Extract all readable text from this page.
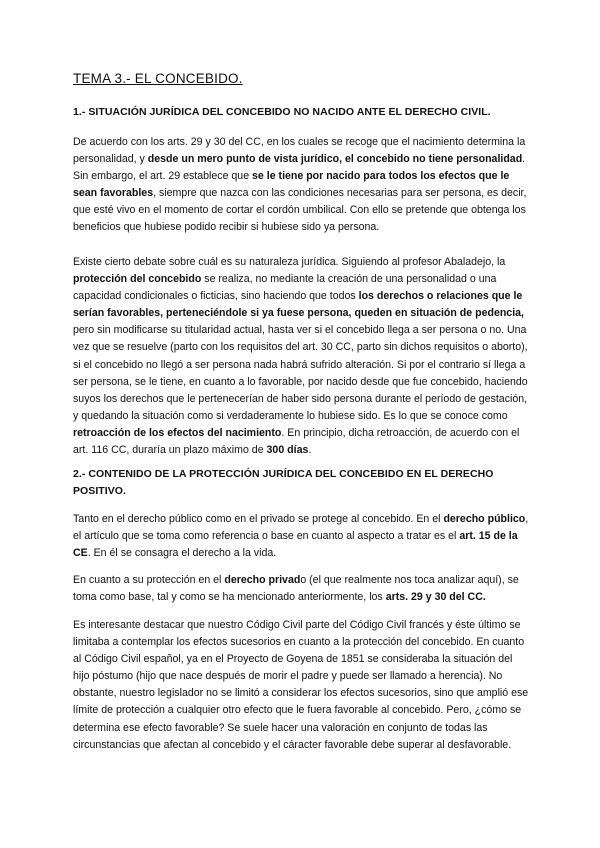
TEMA 3.- EL CONCEBIDO.
1.- SITUACIÓN JURÍDICA DEL CONCEBIDO NO NACIDO ANTE EL DERECHO CIVIL.
De acuerdo con los arts. 29 y 30 del CC, en los cuales se recoge que el nacimiento determina la personalidad, y desde un mero punto de vista jurídico, el concebido no tiene personalidad. Sin embargo, el art. 29 establece que se le tiene por nacido para todos los efectos que le sean favorables, siempre que nazca con las condiciones necesarias para ser persona, es decir, que esté vivo en el momento de cortar el cordón umbilical. Con ello se pretende que obtenga los beneficios que hubiese podido recibir si hubiese sido ya persona.
Existe cierto debate sobre cuál es su naturaleza jurídica. Siguiendo al profesor Abaladejo, la protección del concebido se realiza, no mediante la creación de una personalidad o una capacidad condicionales o ficticias, sino haciendo que todos los derechos o relaciones que le serían favorables, perteneciéndole si ya fuese persona, queden en situación de pedencia, pero sin modificarse su titularidad actual, hasta ver si el concebido llega a ser persona o no. Una vez que se resuelve (parto con los requisitos del art. 30 CC, parto sin dichos requisitos o aborto), si el concebido no llegó a ser persona nada habrá sufrido alteración. Si por el contrario sí llega a ser persona, se le tiene, en cuanto a lo favorable, por nacido desde que fue concebido, haciendo suyos los derechos que le pertenecerían de haber sido persona durante el período de gestación, y quedando la situación como si verdaderamente lo hubiese sido. Es lo que se conoce como retroacción de los efectos del nacimiento. En principio, dicha retroacción, de acuerdo con el art. 116 CC, duraría un plazo máximo de 300 días.
2.- CONTENIDO DE LA PROTECCIÓN JURÍDICA DEL CONCEBIDO EN EL DERECHO POSITIVO.
Tanto en el derecho público como en el privado se protege al concebido. En el derecho público, el artículo que se toma como referencia o base en cuanto al aspecto a tratar es el art. 15 de la CE. En él se consagra el derecho a la vida.
En cuanto a su protección en el derecho privado (el que realmente nos toca analizar aquí), se toma como base, tal y como se ha mencionado anteriormente, los arts. 29 y 30 del CC.
Es interesante destacar que nuestro Código Civil parte del Código Civil francés y éste último se limitaba a contemplar los efectos sucesorios en cuanto a la protección del concebido. En cuanto al Código Civil español, ya en el Proyecto de Goyena de 1851 se consideraba la situación del hijo póstumo (hijo que nace después de morir el padre y puede ser llamado a herencia). No obstante, nuestro legislador no se limitó a considerar los efectos sucesorios, sino que amplió ese límite de protección a cualquier otro efecto que le fuera favorable al concebido. Pero, ¿cómo se determina ese efecto favorable? Se suele hacer una valoración en conjunto de todas las circunstancias que afectan al concebido y el cáracter favorable debe superar al desfavorable.
